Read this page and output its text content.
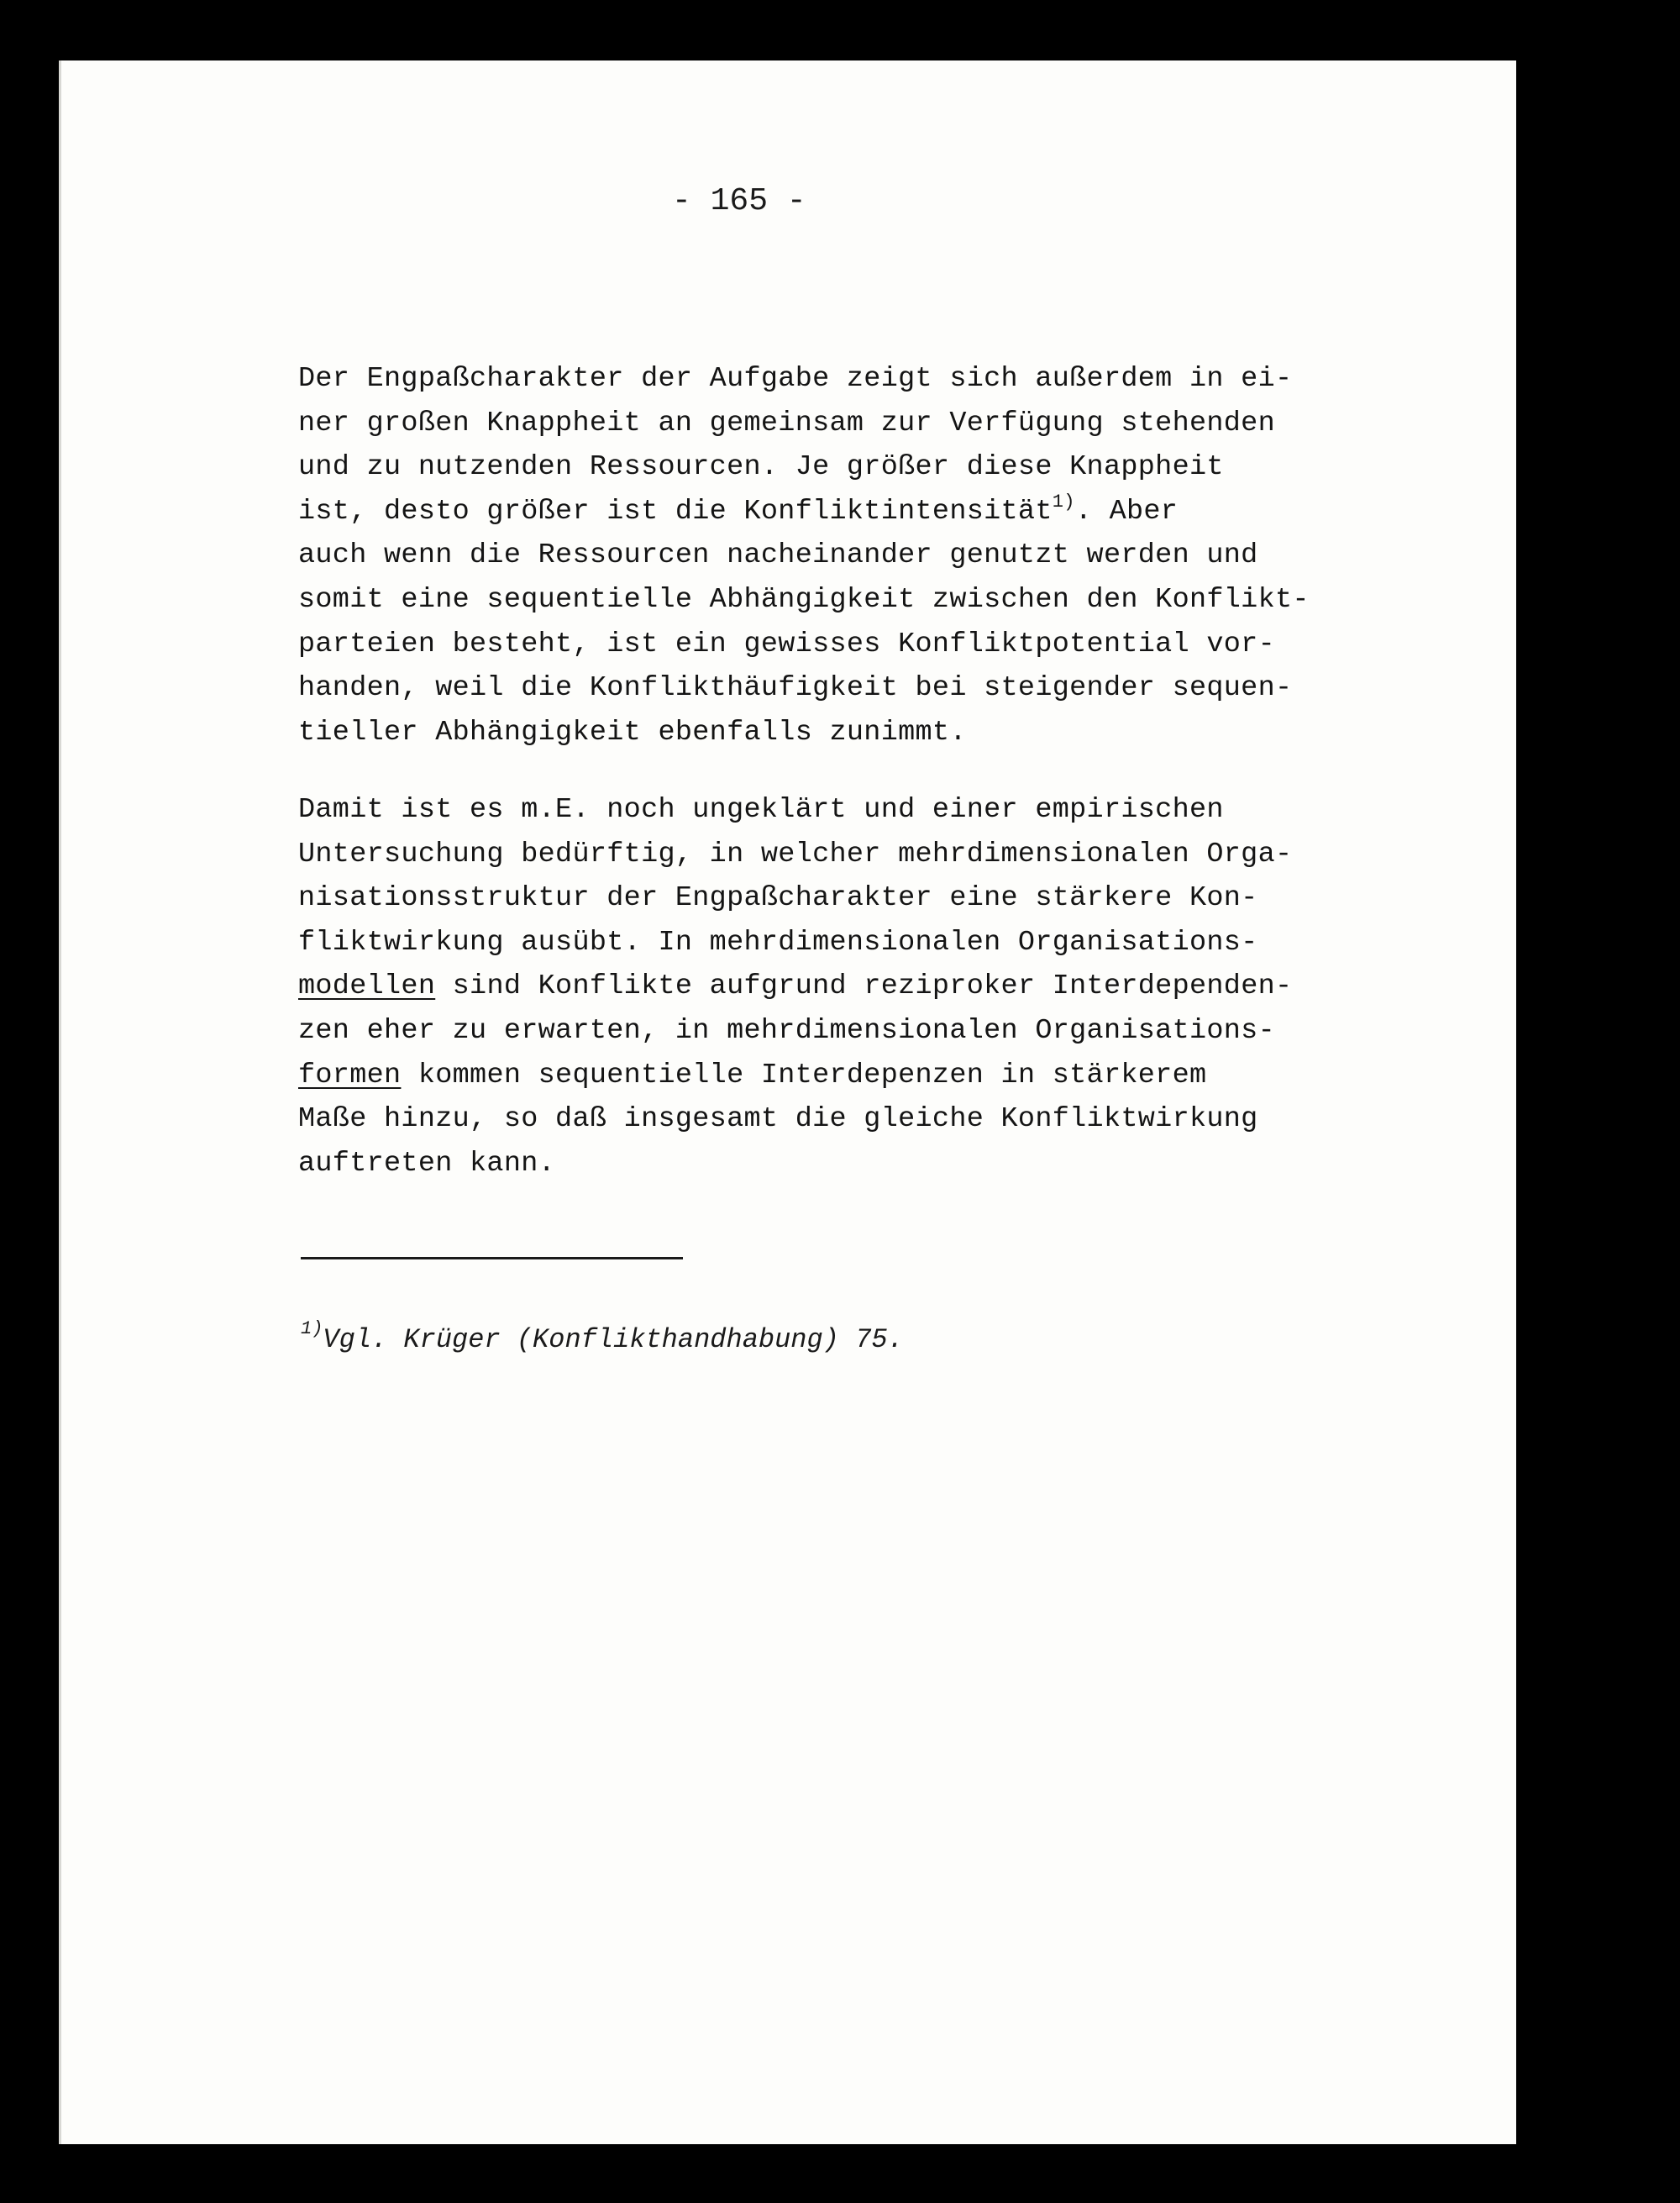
- 165 -
Der Engpaßcharakter der Aufgabe zeigt sich außerdem in ei-
ner großen Knappheit an gemeinsam zur Verfügung stehenden
und zu nutzenden Ressourcen. Je größer diese Knappheit
ist, desto größer ist die Konfliktintensität$^{1)}$. Aber
auch wenn die Ressourcen nacheinander genutzt werden und
somit eine sequentielle Abhängigkeit zwischen den Konflikt-
parteien besteht, ist ein gewisses Konfliktpotential vor-
handen, weil die Konflikthäufigkeit bei steigender sequen-
tieller Abhängigkeit ebenfalls zunimmt.
Damit ist es m.E. noch ungeklärt und einer empirischen
Untersuchung bedürftig, in welcher mehrdimensionalen Orga-
nisationsstruktur der Engpaßcharakter eine stärkere Kon-
fliktwirkung ausübt. In mehrdimensionalen Organisations-
modellen sind Konflikte aufgrund reziproker Interdependen-
zen eher zu erwarten, in mehrdimensionalen Organisations-
formen kommen sequentielle Interdepenzen in stärkerem
Maße hinzu, so daß insgesamt die gleiche Konfliktwirkung
auftreten kann.
$^{1)}$Vgl. Krüger (Konflikthandhabung) 75.
